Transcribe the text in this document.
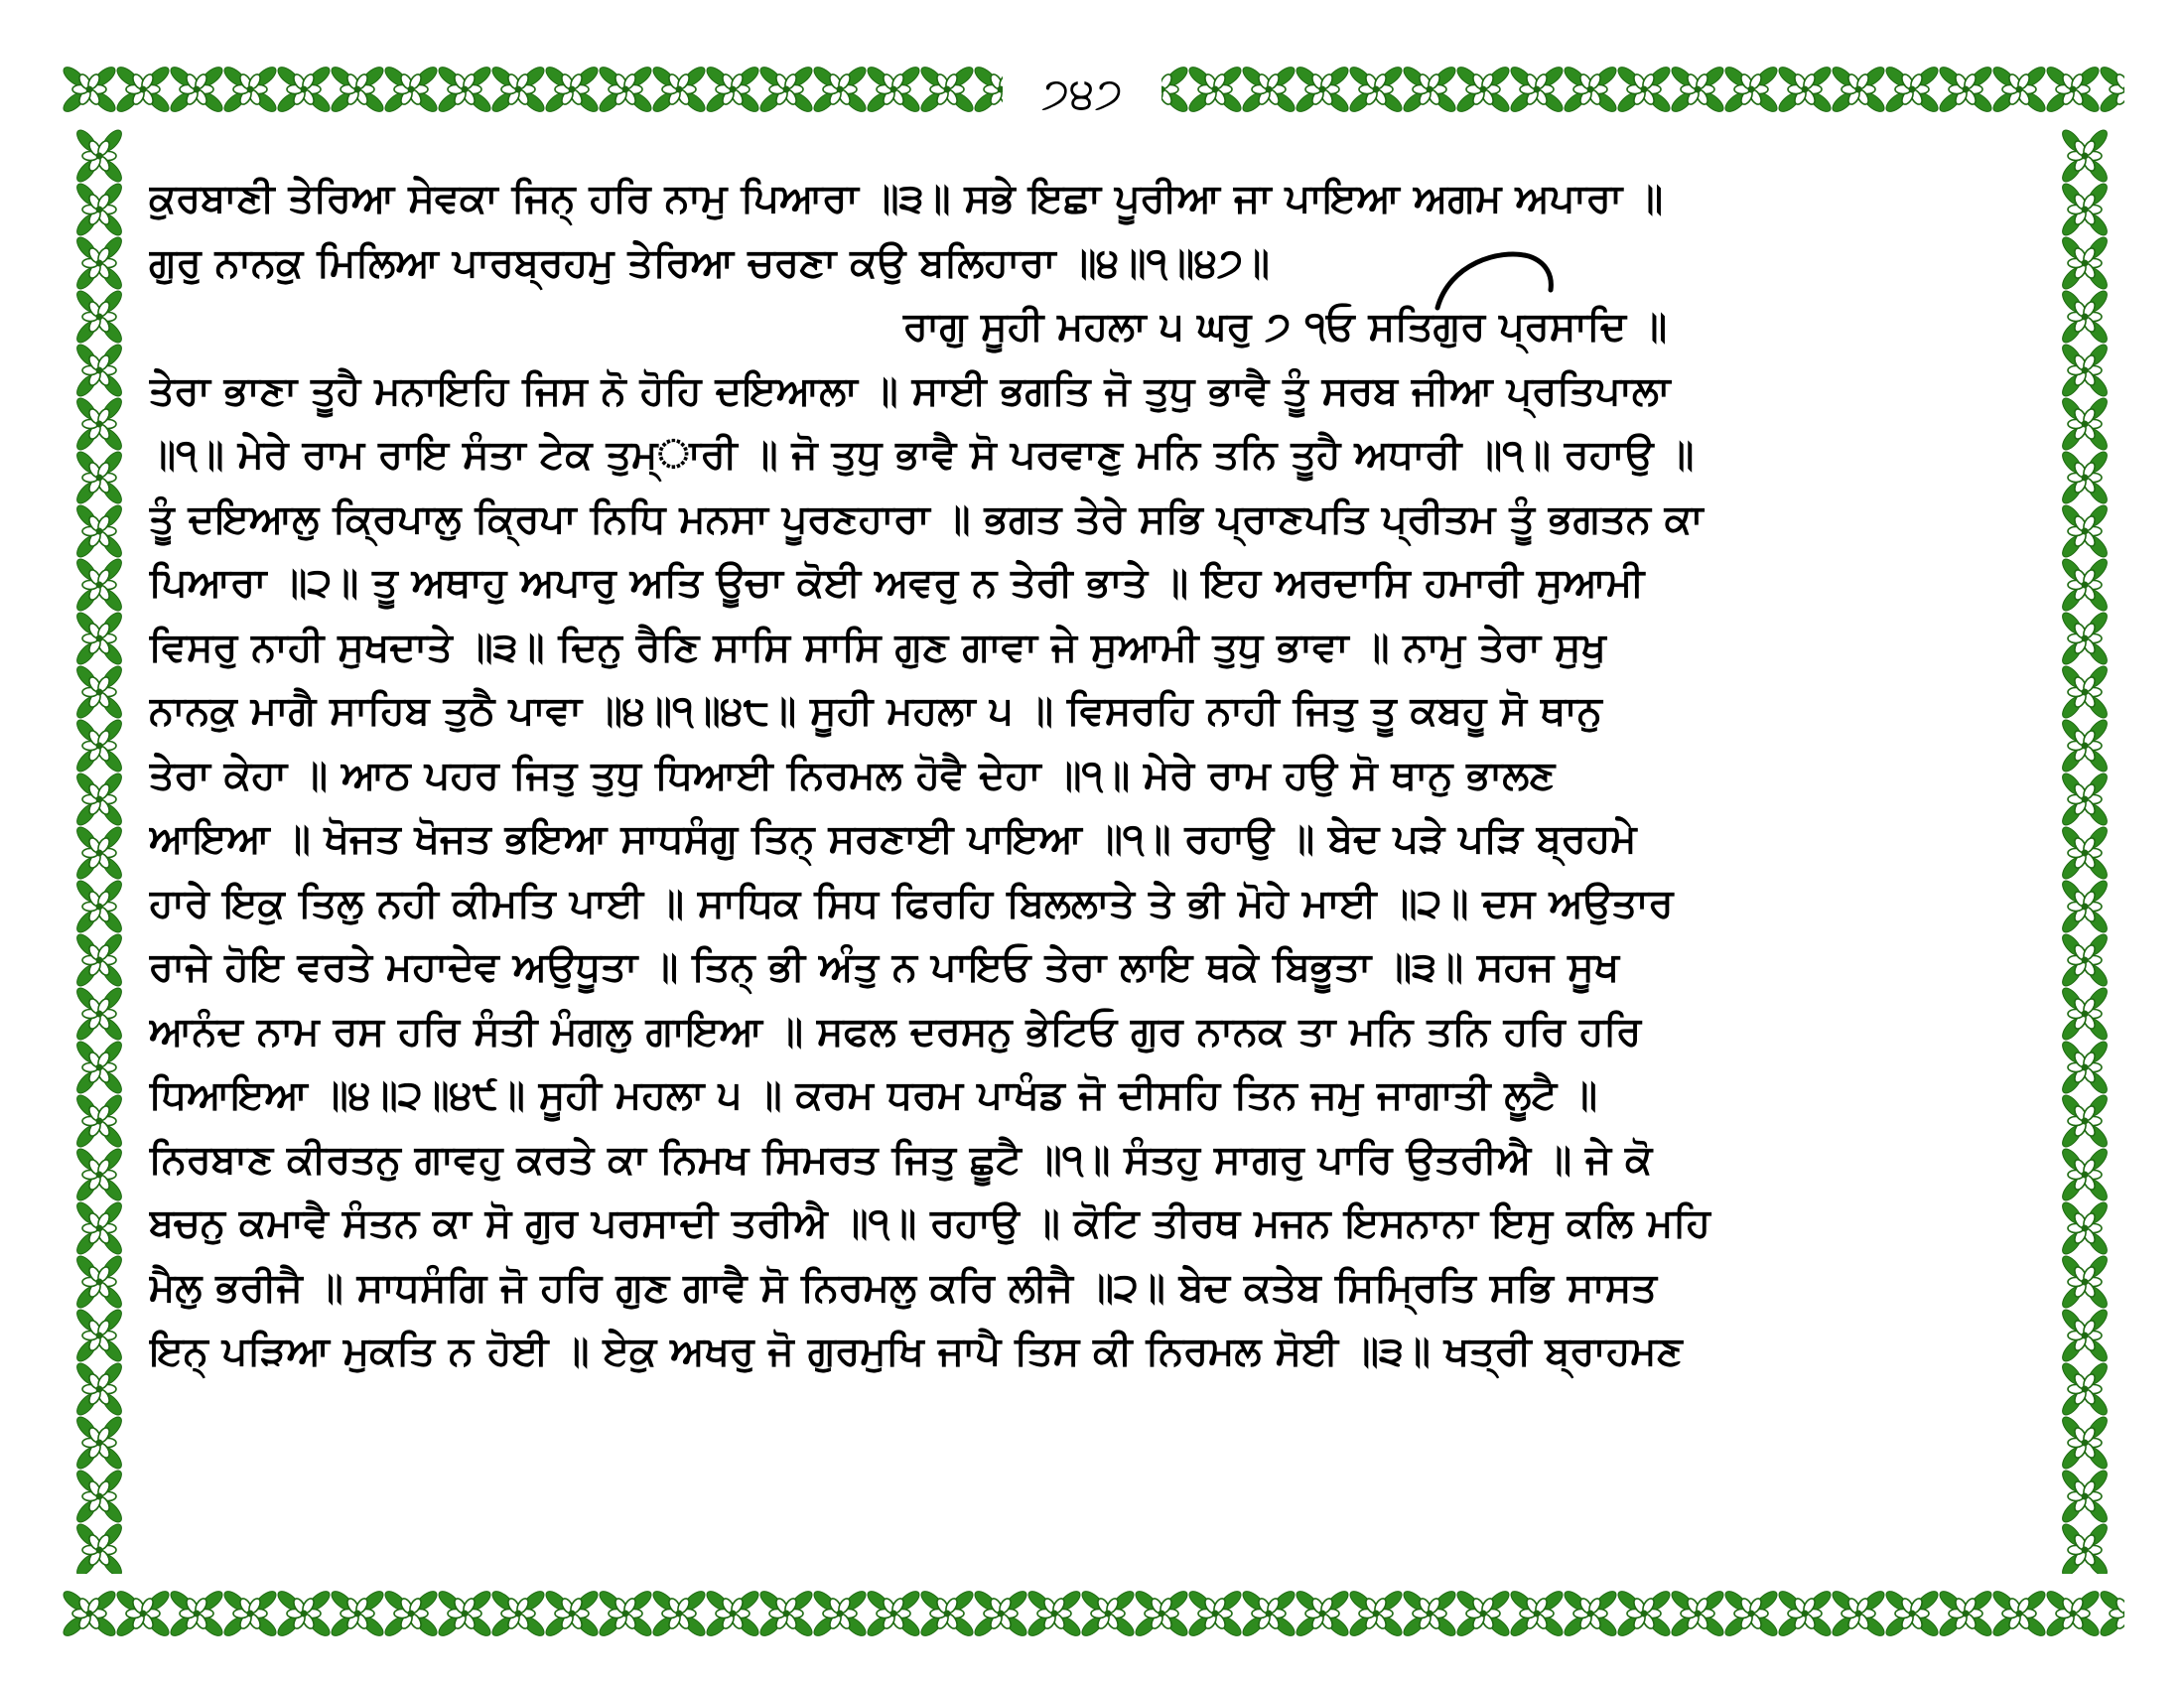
੭੪੭
ਕੁਰਬਾਣੀ ਤੇਰਿਆ ਸੇਵਕਾ ਜਿਨ੍ ਹਰਿ ਨਾਮੁ ਪਿਆਰਾ ॥੩॥ ਸਭੇ ਇਛਾ ਪੂਰੀਆ ਜਾ ਪਾਇਆ ਅਗਮ ਅਪਾਰਾ ॥
ਗੁਰੁ ਨਾਨਕੁ ਮਿਲਿਆ ਪਾਰਬ੍ਰਹਮੁ ਤੇਰਿਆ ਚਰਣਾ ਕਉ ਬਲਿਹਾਰਾ ॥੪॥੧॥੪੭॥
ਰਾਗੁ ਸੂਹੀ ਮਹਲਾ ੫ ਘਰੁ ੭ ੧ਓ ਸਤਿਗੁਰ ਪ੍ਰਸਾਦਿ ॥
ਤੇਰਾ ਭਾਣਾ ਤੂਹੈ ਮਨਾਇਹਿ ਜਿਸ ਨੋ ਹੋਹਿ ਦਇਆਲਾ ॥ ਸਾਈ ਭਗਤਿ ਜੋ ਤੁਧੁ ਭਾਵੈ ਤੂੰ ਸਰਬ ਜੀਆ ਪ੍ਰਤਿਪਾਲਾ
॥੧॥ ਮੇਰੇ ਰਾਮ ਰਾਇ ਸੰਤਾ ਟੇਕ ਤੁਮ੍ਾਰੀ ॥ ਜੋ ਤੁਧੁ ਭਾਵੈ ਸੋ ਪਰਵਾਣੁ ਮਨਿ ਤਨਿ ਤੂਹੈ ਅਧਾਰੀ ॥੧॥ ਰਹਾਉ ॥
ਤੂੰ ਦਇਆਲੁ ਕ੍ਰਿਪਾਲੁ ਕ੍ਰਿਪਾ ਨਿਧਿ ਮਨਸਾ ਪੂਰਣਹਾਰਾ ॥ ਭਗਤ ਤੇਰੇ ਸਭਿ ਪ੍ਰਾਣਪਤਿ ਪ੍ਰੀਤਮ ਤੂੰ ਭਗਤਨ ਕਾ
ਪਿਆਰਾ ॥੨॥ ਤੂ ਅਥਾਹੁ ਅਪਾਰੁ ਅਤਿ ਊਚਾ ਕੋਈ ਅਵਰੁ ਨ ਤੇਰੀ ਭਾਤੇ ॥ ਇਹ ਅਰਦਾਸਿ ਹਮਾਰੀ ਸੁਆਮੀ
ਵਿਸਰੁ ਨਾਹੀ ਸੁਖਦਾਤੇ ॥੩॥ ਦਿਨੁ ਰੈਣਿ ਸਾਸਿ ਸਾਸਿ ਗੁਣ ਗਾਵਾ ਜੇ ਸੁਆਮੀ ਤੁਧੁ ਭਾਵਾ ॥ ਨਾਮੁ ਤੇਰਾ ਸੁਖੁ
ਨਾਨਕੁ ਮਾਗੈ ਸਾਹਿਬ ਤੁਠੈ ਪਾਵਾ ॥੪॥੧॥੪੮॥ ਸੂਹੀ ਮਹਲਾ ੫ ॥ ਵਿਸਰਹਿ ਨਾਹੀ ਜਿਤੁ ਤੂ ਕਬਹੂ ਸੋ ਥਾਨੁ
ਤੇਰਾ ਕੇਹਾ ॥ ਆਠ ਪਹਰ ਜਿਤੁ ਤੁਧੁ ਧਿਆਈ ਨਿਰਮਲ ਹੋਵੈ ਦੇਹਾ ॥੧॥ ਮੇਰੇ ਰਾਮ ਹਉ ਸੋ ਥਾਨੁ ਭਾਲਣ
ਆਇਆ ॥ ਖੋਜਤ ਖੋਜਤ ਭਇਆ ਸਾਧਸੰਗੁ ਤਿਨ੍ ਸਰਣਾਈ ਪਾਇਆ ॥੧॥ ਰਹਾਉ ॥ ਬੇਦ ਪੜੇ ਪੜਿ ਬ੍ਰਹਮੇ
ਹਾਰੇ ਇਕੁ ਤਿਲੁ ਨਹੀ ਕੀਮਤਿ ਪਾਈ ॥ ਸਾਧਿਕ ਸਿਧ ਫਿਰਹਿ ਬਿਲਲਾਤੇ ਤੇ ਭੀ ਮੋਹੇ ਮਾਈ ॥੨॥ ਦਸ ਅਉਤਾਰ
ਰਾਜੇ ਹੋਇ ਵਰਤੇ ਮਹਾਦੇਵ ਅਉਧੂਤਾ ॥ ਤਿਨ੍ ਭੀ ਅੰਤੁ ਨ ਪਾਇਓ ਤੇਰਾ ਲਾਇ ਥਕੇ ਬਿਭੂਤਾ ॥੩॥ ਸਹਜ ਸੂਖ
ਆਨੰਦ ਨਾਮ ਰਸ ਹਰਿ ਸੰਤੀ ਮੰਗਲੁ ਗਾਇਆ ॥ ਸਫਲ ਦਰਸਨੁ ਭੇਟਿਓ ਗੁਰ ਨਾਨਕ ਤਾ ਮਨਿ ਤਨਿ ਹਰਿ ਹਰਿ
ਧਿਆਇਆ ॥੪॥੨॥੪੯॥ ਸੂਹੀ ਮਹਲਾ ੫ ॥ ਕਰਮ ਧਰਮ ਪਾਖੰਡ ਜੋ ਦੀਸਹਿ ਤਿਨ ਜਮੁ ਜਾਗਾਤੀ ਲੂਟੈ ॥
ਨਿਰਬਾਣ ਕੀਰਤਨੁ ਗਾਵਹੁ ਕਰਤੇ ਕਾ ਨਿਮਖ ਸਿਮਰਤ ਜਿਤੁ ਛੂਟੈ ॥੧॥ ਸੰਤਹੁ ਸਾਗਰੁ ਪਾਰਿ ਉਤਰੀਐ ॥ ਜੇ ਕੋ
ਬਚਨੁ ਕਮਾਵੈ ਸੰਤਨ ਕਾ ਸੋ ਗੁਰ ਪਰਸਾਦੀ ਤਰੀਐ ॥੧॥ ਰਹਾਉ ॥ ਕੋਟਿ ਤੀਰਥ ਮਜਨ ਇਸਨਾਨਾ ਇਸੁ ਕਲਿ ਮਹਿ
ਮੈਲੁ ਭਰੀਜੈ ॥ ਸਾਧਸੰਗਿ ਜੋ ਹਰਿ ਗੁਣ ਗਾਵੈ ਸੋ ਨਿਰਮਲੁ ਕਰਿ ਲੀਜੈ ॥੨॥ ਬੇਦ ਕਤੇਬ ਸਿਮ੍ਰਿਤਿ ਸਭਿ ਸਾਸਤ
ਇਨ੍ ਪੜਿਆ ਮੁਕਤਿ ਨ ਹੋਈ ॥ ਏਕੁ ਅਖਰੁ ਜੋ ਗੁਰਮੁਖਿ ਜਾਪੈ ਤਿਸ ਕੀ ਨਿਰਮਲ ਸੋਈ ॥੩॥ ਖਤ੍ਰੀ ਬ੍ਰਾਹਮਣ
